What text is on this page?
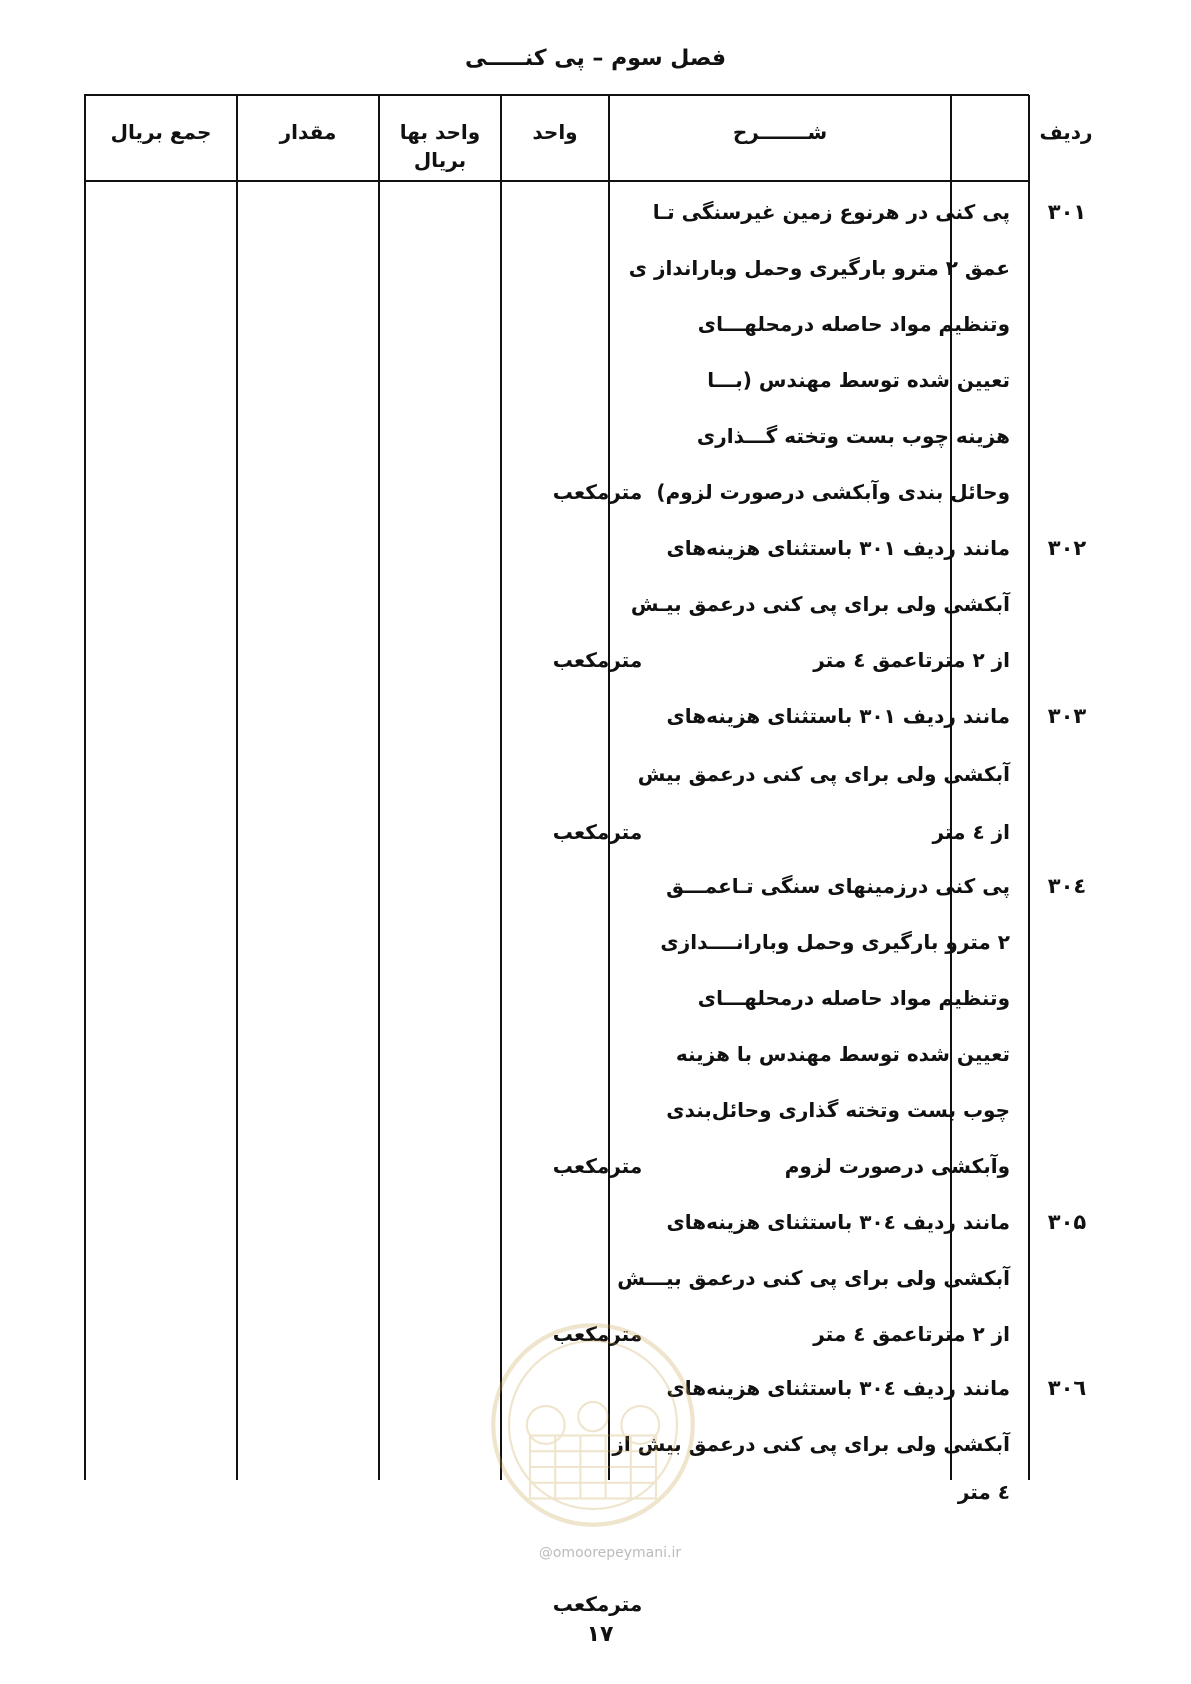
فصل سوم – پی کنـــــی
ردیف
شـــــــرح
واحد
واحد بها
بریال
مقدار
جمع بریال
۳۰۱
پی کنی در هرنوع زمین غیرسنگی تـا
عمق ۲ مترو بارگیری وحمل وبارانداز ی
وتنظیم مواد حاصله درمحلهـــای
تعیین شده توسط مهندس (بـــا
هزینه چوب بست وتخته گـــذاری
وحائل بندی وآبکشی درصورت لزوم)
مترمکعب
۳۰۲
مانند ردیف ۳۰۱ باستثنای هزینه‌های
آبکشی ولی برای پی کنی درعمق بیـش
از ۲ مترتاعمق ٤ متر
مترمکعب
۳۰۳
مانند ردیف ۳۰۱ باستثنای هزینه‌های
آبکشی ولی برای پی کنی درعمق بیش
از ٤ متر
مترمکعب
۳۰٤
پی کنی درزمینهای سنگی تـاعمـــق
۲ مترو بارگیری وحمل وبارانــــدازی
وتنظیم مواد حاصله درمحلهـــای
تعیین شده توسط مهندس با هزینه
چوب بست وتخته گذاری وحائل‌بندی
وآبکشی درصورت لزوم
مترمکعب
۳۰۵
مانند ردیف ۳۰٤ باستثنای هزینه‌های
آبکشی ولی برای پی کنی درعمق بیـــش
از ۲ مترتاعمق ٤ متر
مترمکعب
۳۰٦
مانند ردیف ۳۰٤ باستثنای هزینه‌های
آبکشی ولی برای پی کنی درعمق بیش از
٤ متر
مترمکعب
@omoorepeymani.ir
۱۷
